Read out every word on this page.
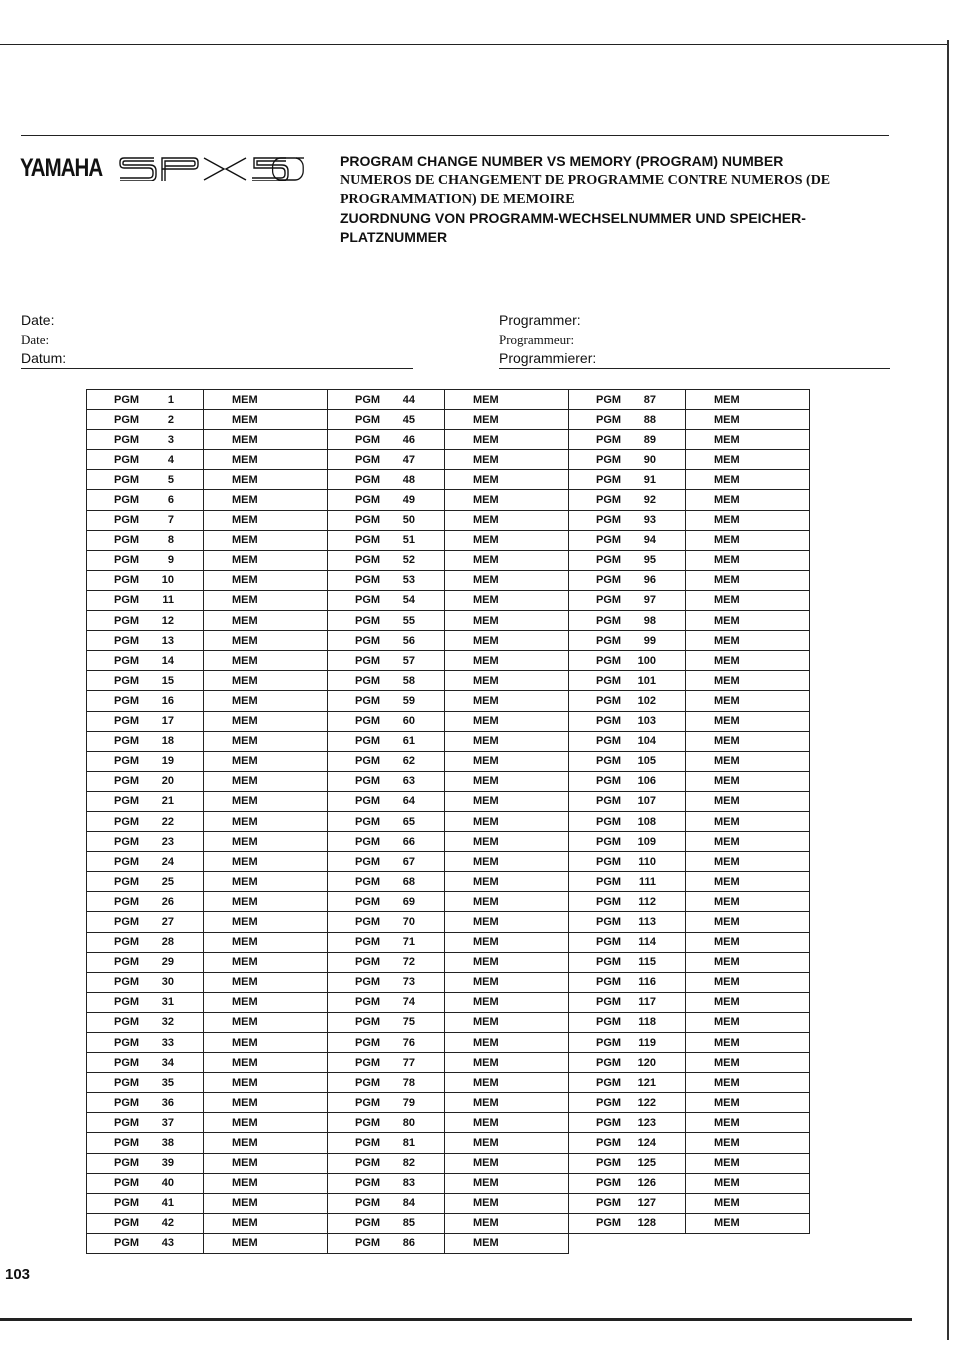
YAMAHA	PROGRAM CHANGE NUMBER VS MEMORY (PROGRAM) NUMBER
NUMEROS DE CHANGEMENT DE PROGRAMME CONTRE NUMEROS (DE PROGRAMMATION) DE MEMOIRE
ZUORDNUNG VON PROGRAMM-WECHSELNUMMER UND SPEICHER-PLATZNUMMER
Date:
Date:
Datum:
Programmer:
Programmeur:
Programmierer:
PGM 1	MEM	PGM 44	MEM	PGM 87	MEM

PGM 2	MEM	PGM 45	MEM	PGM 88	MEM

PGM 3	MEM	PGM 46	MEM	PGM 89	MEM

PGM 4	MEM	PGM 47	MEM	PGM 90	MEM

PGM 5	MEM	PGM 48	MEM	PGM 91	MEM

PGM 6	MEM	PGM 49	MEM	PGM 92	MEM

PGM 7	MEM	PGM 50	MEM	PGM 93	MEM

PGM 8	MEM	PGM 51	MEM	PGM 94	MEM

PGM 9	MEM	PGM 52	MEM	PGM 95	MEM

PGM 10	MEM	PGM 53	MEM	PGM 96	MEM

PGM 11	MEM	PGM 54	MEM	PGM 97	MEM

PGM 12	MEM	PGM 55	MEM	PGM 98	MEM

PGM 13	MEM	PGM 56	MEM	PGM 99	MEM

PGM 14	MEM	PGM 57	MEM	PGM 100	MEM

PGM 15	MEM	PGM 58	MEM	PGM 101	MEM

PGM 16	MEM	PGM 59	MEM	PGM 102	MEM

PGM 17	MEM	PGM 60	MEM	PGM 103	MEM

PGM 18	MEM	PGM 61	MEM	PGM 104	MEM

PGM 19	MEM	PGM 62	MEM	PGM 105	MEM

PGM 20	MEM	PGM 63	MEM	PGM 106	MEM

PGM 21	MEM	PGM 64	MEM	PGM 107	MEM

PGM 22	MEM	PGM 65	MEM	PGM 108	MEM

PGM 23	MEM	PGM 66	MEM	PGM 109	MEM

PGM 24	MEM	PGM 67	MEM	PGM 110	MEM

PGM 25	MEM	PGM 68	MEM	PGM 111	MEM

PGM 26	MEM	PGM 69	MEM	PGM 112	MEM

PGM 27	MEM	PGM 70	MEM	PGM 113	MEM

PGM 28	MEM	PGM 71	MEM	PGM 114	MEM

PGM 29	MEM	PGM 72	MEM	PGM 115	MEM

PGM 30	MEM	PGM 73	MEM	PGM 116	MEM

PGM 31	MEM	PGM 74	MEM	PGM 117	MEM

PGM 32	MEM	PGM 75	MEM	PGM 118	MEM

PGM 33	MEM	PGM 76	MEM	PGM 119	MEM

PGM 34	MEM	PGM 77	MEM	PGM 120	MEM

PGM 35	MEM	PGM 78	MEM	PGM 121	MEM

PGM 36	MEM	PGM 79	MEM	PGM 122	MEM

PGM 37	MEM	PGM 80	MEM	PGM 123	MEM

PGM 38	MEM	PGM 81	MEM	PGM 124	MEM

PGM 39	MEM	PGM 82	MEM	PGM 125	MEM

PGM 40	MEM	PGM 83	MEM	PGM 126	MEM

PGM 41	MEM	PGM 84	MEM	PGM 127	MEM

PGM 42	MEM	PGM 85	MEM	PGM 128	MEM

PGM 43	MEM	PGM 86	MEM		

103
